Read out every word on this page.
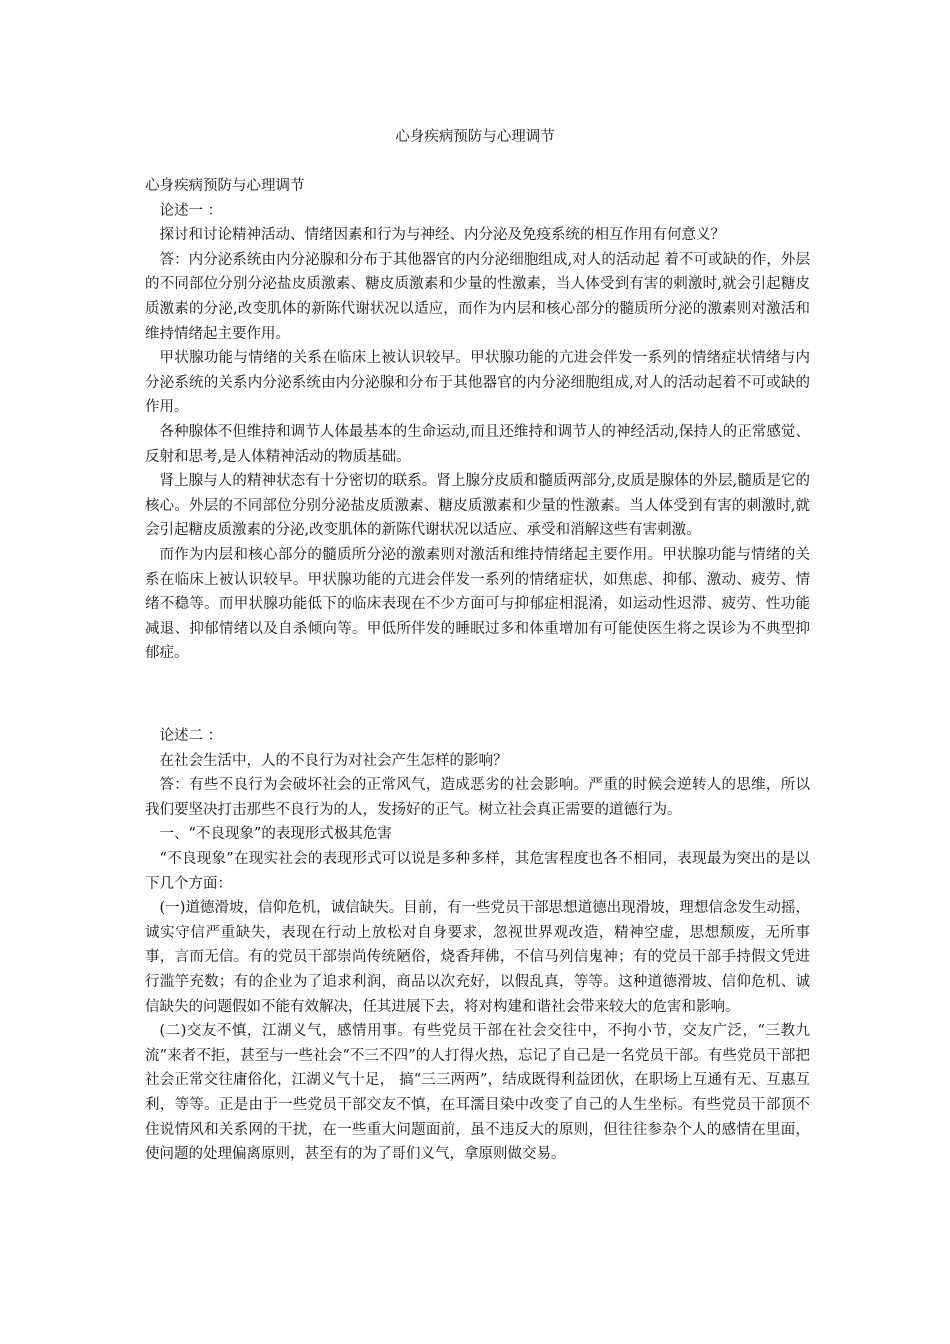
心身疾病预防与心理调节

心身疾病预防与心理调节

论述一 ：

探讨和讨论精神活动、情绪因素和行为与神经、内分泌及免疫系统的相互作用有何意义？

答：内分泌系统由内分泌腺和分布于其他器官的内分泌细胞组成,对人的活动起 着不可或缺的作，外层的不同部位分别分泌盐皮质激素、糖皮质激素和少量的性激素，当人体受到有害的刺激时,就会引起糖皮质激素的分泌,改变肌体的新陈代谢状况以适应，而作为内层和核心部分的髓质所分泌的激素则对激活和维持情绪起主要作用。

甲状腺功能与情绪的关系在临床上被认识较早。甲状腺功能的亢进会伴发一系列的情绪症状情绪与内分泌系统的关系内分泌系统由内分泌腺和分布于其他器官的内分泌细胞组成,对人的活动起着不可或缺的作用。

各种腺体不但维持和调节人体最基本的生命运动,而且还维持和调节人的神经活动,保持人的正常感觉、反射和思考,是人体精神活动的物质基础。

肾上腺与人的精神状态有十分密切的联系。肾上腺分皮质和髓质两部分,皮质是腺体的外层,髓质是它的核心。外层的不同部位分别分泌盐皮质激素、糖皮质激素和少量的性激素。当人体受到有害的刺激时,就会引起糖皮质激素的分泌,改变肌体的新陈代谢状况以适应、承受和消解这些有害刺激。

而作为内层和核心部分的髓质所分泌的激素则对激活和维持情绪起主要作用。甲状腺功能与情绪的关系在临床上被认识较早。甲状腺功能的亢进会伴发一系列的情绪症状，如焦虑、抑郁、激动、疲劳、情绪不稳等。而甲状腺功能低下的临床表现在不少方面可与抑郁症相混淆，如运动性迟滞、疲劳、性功能减退、抑郁情绪以及自杀倾向等。甲低所伴发的睡眠过多和体重增加有可能使医生将之误诊为不典型抑郁症。

论述二 ：

在社会生活中，人的不良行为对社会产生怎样的影响？

答：有些不良行为会破坏社会的正常风气，造成恶劣的社会影响。严重的时候会逆转人的思维，所以我们要坚决打击那些不良行为的人，发扬好的正气。树立社会真正需要的道德行为。

一、“不良现象”的表现形式极其危害

“不良现象”在现实社会的表现形式可以说是多种多样，其危害程度也各不相同，表现最为突出的是以下几个方面：

(一)道德滑坡，信仰危机，诚信缺失。目前，有一些党员干部思想道德出现滑坡，理想信念发生动摇，诚实守信严重缺失，表现在行动上放松对自身要求，忽视世界观改造，精神空虚，思想颓废，无所事事，言而无信。有的党员干部崇尚传统陋俗，烧香拜佛，不信马列信鬼神；有的党员干部手持假文凭进行滥竽充数；有的企业为了追求利润，商品以次充好，以假乱真，等等。这种道德滑坡、信仰危机、诚信缺失的问题假如不能有效解决，任其进展下去，将对构建和谐社会带来较大的危害和影响。

(二)交友不慎，江湖义气，感情用事。有些党员干部在社会交往中，不拘小节，交友广泛，“三教九流”来者不拒，甚至与一些社会“不三不四”的人打得火热，忘记了自己是一名党员干部。有些党员干部把社会正常交往庸俗化，江湖义气十足， 搞“三三两两”，结成既得利益团伙，在职场上互通有无、互惠互利，等等。正是由于一些党员干部交友不慎，在耳濡目染中改变了自己的人生坐标。有些党员干部顶不住说情风和关系网的干扰，在一些重大问题面前，虽不违反大的原则，但往往参杂个人的感情在里面，使问题的处理偏离原则，甚至有的为了哥们义气，拿原则做交易。
